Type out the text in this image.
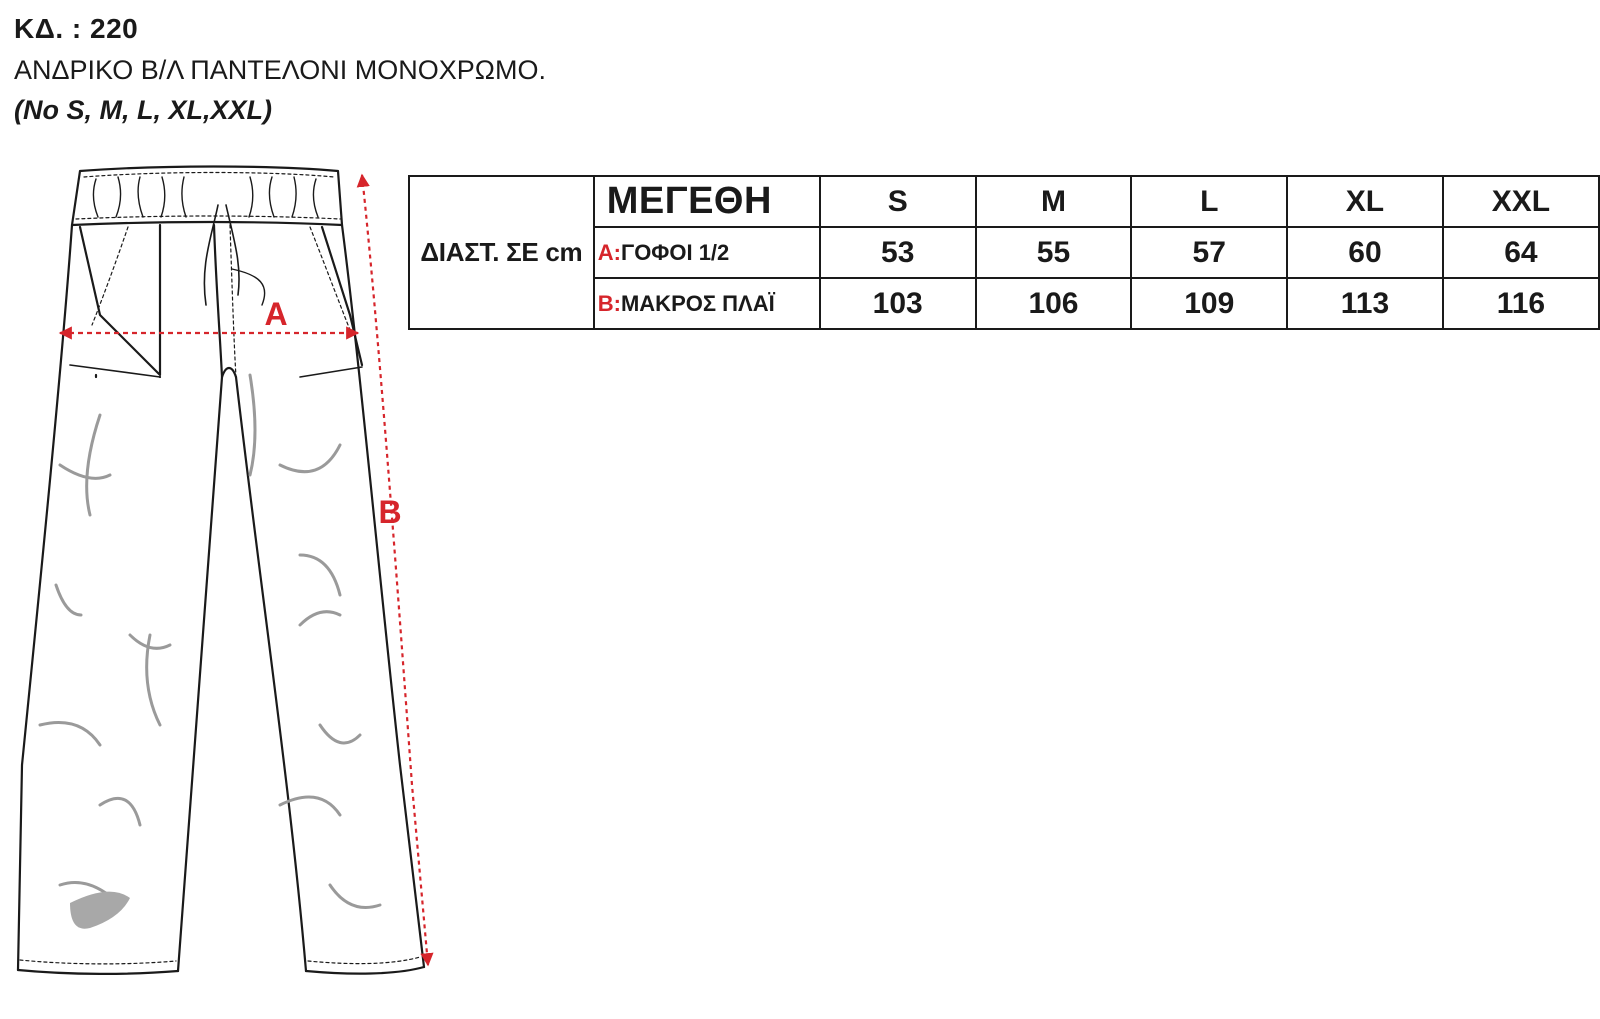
ΚΔ. : 220
ΑΝΔΡΙΚΟ Β/Λ ΠΑΝΤΕΛΟΝΙ ΜΟΝΟΧΡΩΜΟ.
(No S, M, L, XL,XXL)
A
B
ΔΙΑΣΤ. ΣΕ cm	ΜΕΓΕΘΗ	S	M	L	XL	XXL
	A:ΓΟΦΟΙ 1/2	53	55	57	60	64
	B:ΜΑΚΡΟΣ ΠΛΑΪ	103	106	109	113	116
